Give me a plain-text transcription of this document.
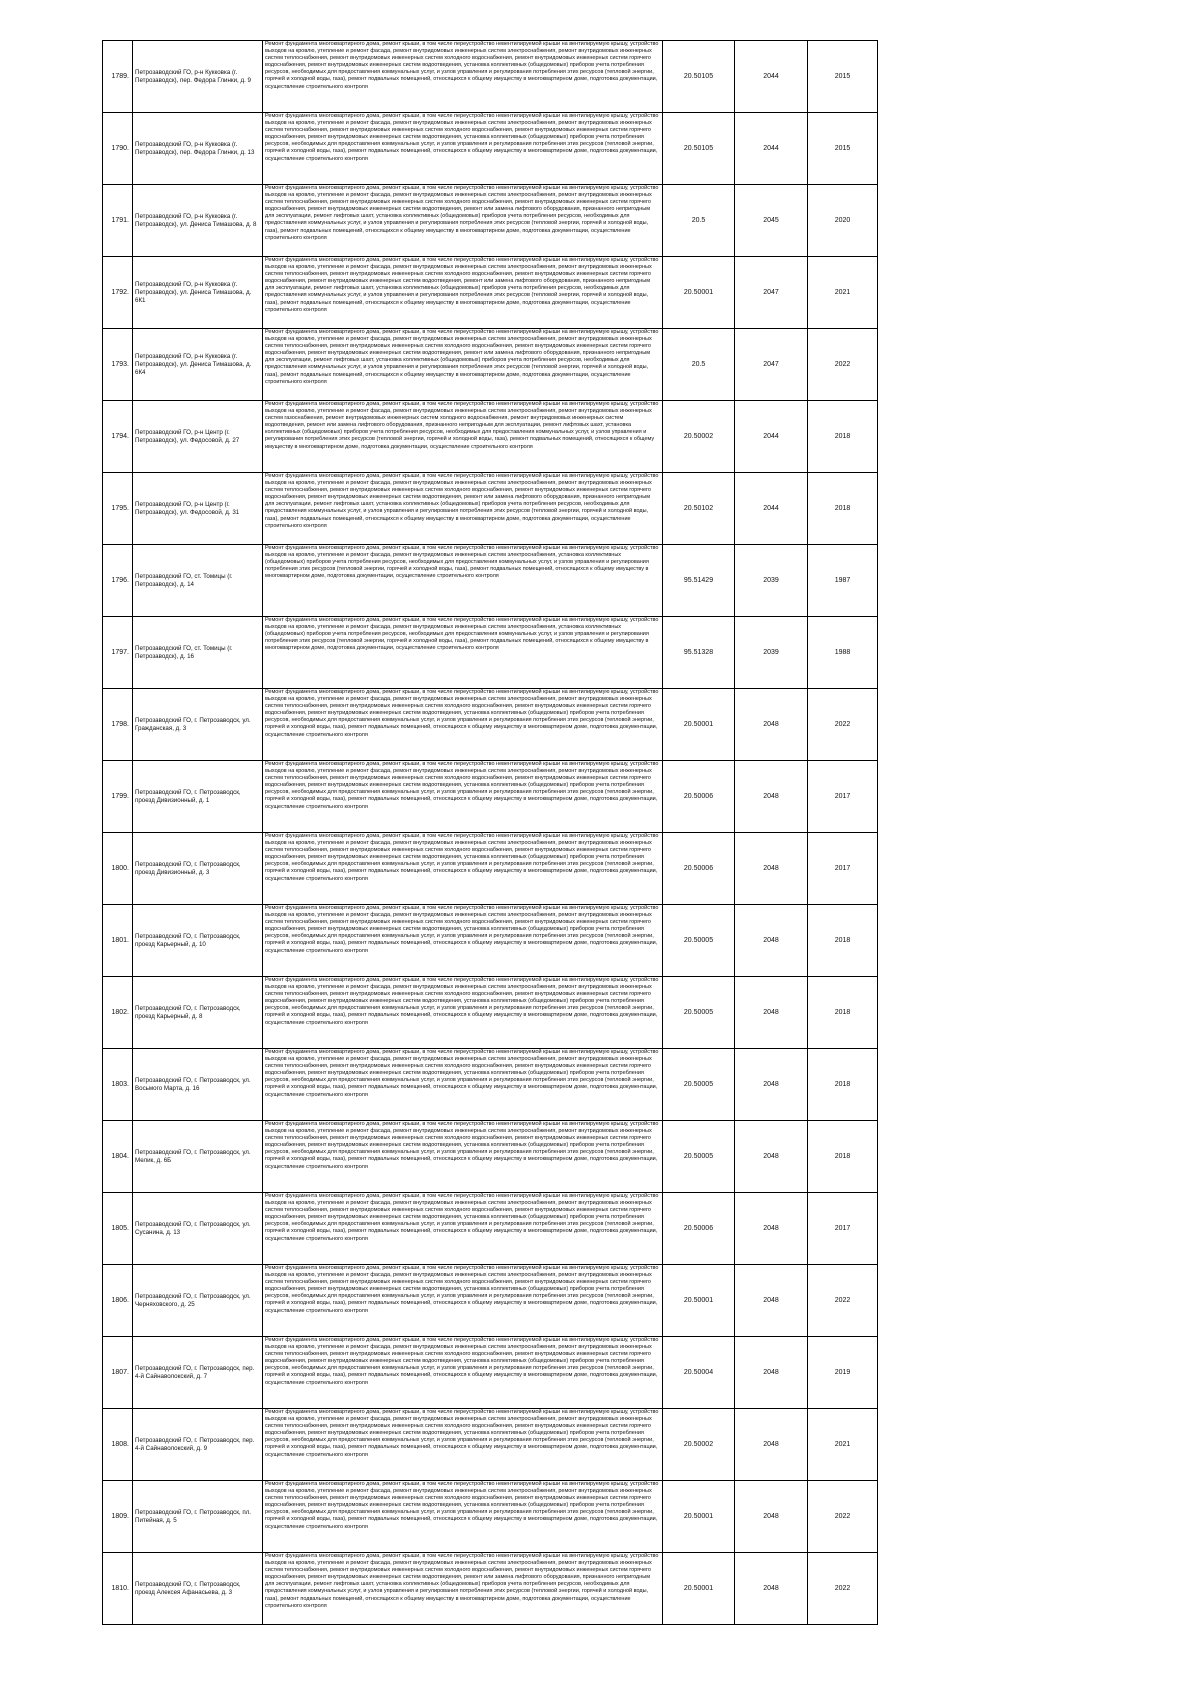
1789.	Петрозаводский ГО, р-н Кукковка (г. Петрозаводск), пер. Федора Глинки, д. 9	Ремонт фундамента многоквартирного дома, ремонт крыши, в том числе переустройство невентилируемой крыши на вентилируемую крышу, устройство выходов на кровлю, утепление и ремонт фасада, ремонт внутридомовых инженерных систем электроснабжения, ремонт внутридомовых инженерных систем теплоснабжения, ремонт внутридомовых инженерных систем холодного водоснабжения, ремонт внутридомовых инженерных систем горячего водоснабжения, ремонт внутридомовых инженерных систем водоотведения, установка коллективных (общедомовых) приборов учета потребления ресурсов, необходимых для предоставления коммунальных услуг, и узлов управления и регулирования потребления этих ресурсов (тепловой энергии, горячей и холодной воды, газа), ремонт подвальных помещений, относящихся к общему имуществу в многоквартирном доме, подготовка документации, осуществление строительного контроля	20.50105	2044	2015
1790.	Петрозаводский ГО, р-н Кукковка (г. Петрозаводск), пер. Федора Глинки, д. 13	Ремонт фундамента многоквартирного дома, ремонт крыши, в том числе переустройство невентилируемой крыши на вентилируемую крышу, устройство выходов на кровлю, утепление и ремонт фасада, ремонт внутридомовых инженерных систем электроснабжения, ремонт внутридомовых инженерных систем теплоснабжения, ремонт внутридомовых инженерных систем холодного водоснабжения, ремонт внутридомовых инженерных систем горячего водоснабжения, ремонт внутридомовых инженерных систем водоотведения, установка коллективных (общедомовых) приборов учета потребления ресурсов, необходимых для предоставления коммунальных услуг, и узлов управления и регулирования потребления этих ресурсов (тепловой энергии, горячей и холодной воды, газа), ремонт подвальных помещений, относящихся к общему имуществу в многоквартирном доме, подготовка документации, осуществление строительного контроля	20.50105	2044	2015
1791.	Петрозаводский ГО, р-н Кукковка (г. Петрозаводск), ул. Дениса Тимашова, д. 8	Ремонт фундамента многоквартирного дома, ремонт крыши, в том числе переустройство невентилируемой крыши на вентилируемую крышу, устройство выходов на кровлю, утепление и ремонт фасада, ремонт внутридомовых инженерных систем электроснабжения, ремонт внутридомовых инженерных систем теплоснабжения, ремонт внутридомовых инженерных систем холодного водоснабжения, ремонт внутридомовых инженерных систем горячего водоснабжения, ремонт внутридомовых инженерных систем водоотведения, ремонт или замена лифтового оборудования, признанного непригодным для эксплуатации, ремонт лифтовых шахт, установка коллективных (общедомовых) приборов учета потребления ресурсов, необходимых для предоставления коммунальных услуг, и узлов управления и регулирования потребления этих ресурсов (тепловой энергии, горячей и холодной воды, газа), ремонт подвальных помещений, относящихся к общему имуществу в многоквартирном доме, подготовка документации, осуществление строительного контроля	20.5	2045	2020
1792.	Петрозаводский ГО, р-н Кукковка (г. Петрозаводск), ул. Дениса Тимашова, д. 6К1	Ремонт фундамента многоквартирного дома, ремонт крыши, в том числе переустройство невентилируемой крыши на вентилируемую крышу, устройство выходов на кровлю, утепление и ремонт фасада, ремонт внутридомовых инженерных систем электроснабжения, ремонт внутридомовых инженерных систем теплоснабжения, ремонт внутридомовых инженерных систем холодного водоснабжения, ремонт внутридомовых инженерных систем горячего водоснабжения, ремонт внутридомовых инженерных систем водоотведения, ремонт или замена лифтового оборудования, признанного непригодным для эксплуатации, ремонт лифтовых шахт, установка коллективных (общедомовых) приборов учета потребления ресурсов, необходимых для предоставления коммунальных услуг, и узлов управления и регулирования потребления этих ресурсов (тепловой энергии, горячей и холодной воды, газа), ремонт подвальных помещений, относящихся к общему имуществу в многоквартирном доме, подготовка документации, осуществление строительного контроля	20.50001	2047	2021
1793.	Петрозаводский ГО, р-н Кукковка (г. Петрозаводск), ул. Дениса Тимашова, д. 6К4	Ремонт фундамента многоквартирного дома, ремонт крыши, в том числе переустройство невентилируемой крыши на вентилируемую крышу, устройство выходов на кровлю, утепление и ремонт фасада, ремонт внутридомовых инженерных систем электроснабжения, ремонт внутридомовых инженерных систем теплоснабжения, ремонт внутридомовых инженерных систем холодного водоснабжения, ремонт внутридомовых инженерных систем горячего водоснабжения, ремонт внутридомовых инженерных систем водоотведения, ремонт или замена лифтового оборудования, признанного непригодным для эксплуатации, ремонт лифтовых шахт, установка коллективных (общедомовых) приборов учета потребления ресурсов, необходимых для предоставления коммунальных услуг, и узлов управления и регулирования потребления этих ресурсов (тепловой энергии, горячей и холодной воды, газа), ремонт подвальных помещений, относящихся к общему имуществу в многоквартирном доме, подготовка документации, осуществление строительного контроля	20.5	2047	2022
1794.	Петрозаводский ГО, р-н Центр (г. Петрозаводск), ул. Федосовой, д. 27	Ремонт фундамента многоквартирного дома, ремонт крыши, в том числе переустройство невентилируемой крыши на вентилируемую крышу, устройство выходов на кровлю, утепление и ремонт фасада, ремонт внутридомовых инженерных систем электроснабжения, ремонт внутридомовых инженерных систем газоснабжения, ремонт внутридомовых инженерных систем холодного водоснабжения, ремонт внутридомовых инженерных систем водоотведения, ремонт или замена лифтового оборудования, признанного непригодным для эксплуатации, ремонт лифтовых шахт, установка коллективных (общедомовых) приборов учета потребления ресурсов, необходимых для предоставления коммунальных услуг, и узлов управления и регулирования потребления этих ресурсов (тепловой энергии, горячей и холодной воды, газа), ремонт подвальных помещений, относящихся к общему имуществу в многоквартирном доме, подготовка документации, осуществление строительного контроля	20.50002	2044	2018
1795.	Петрозаводский ГО, р-н Центр (г. Петрозаводск), ул. Федосовой, д. 31	Ремонт фундамента многоквартирного дома, ремонт крыши, в том числе переустройство невентилируемой крыши на вентилируемую крышу, устройство выходов на кровлю, утепление и ремонт фасада, ремонт внутридомовых инженерных систем электроснабжения, ремонт внутридомовых инженерных систем теплоснабжения, ремонт внутридомовых инженерных систем холодного водоснабжения, ремонт внутридомовых инженерных систем горячего водоснабжения, ремонт внутридомовых инженерных систем водоотведения, ремонт или замена лифтового оборудования, признанного непригодным для эксплуатации, ремонт лифтовых шахт, установка коллективных (общедомовых) приборов учета потребления ресурсов, необходимых для предоставления коммунальных услуг, и узлов управления и регулирования потребления этих ресурсов (тепловой энергии, горячей и холодной воды, газа), ремонт подвальных помещений, относящихся к общему имуществу в многоквартирном доме, подготовка документации, осуществление строительного контроля	20.50102	2044	2018
1796.	Петрозаводский ГО, ст. Томицы (г. Петрозаводск), д. 14	Ремонт фундамента многоквартирного дома, ремонт крыши, в том числе переустройство невентилируемой крыши на вентилируемую крышу, устройство выходов на кровлю, утепление и ремонт фасада, ремонт внутридомовых инженерных систем электроснабжения, установка коллективных (общедомовых) приборов учета потребления ресурсов, необходимых для предоставления коммунальных услуг, и узлов управления и регулирования потребления этих ресурсов (тепловой энергии, горячей и холодной воды, газа), ремонт подвальных помещений, относящихся к общему имуществу в многоквартирном доме, подготовка документации, осуществление строительного контроля	95.51429	2039	1987
1797.	Петрозаводский ГО, ст. Томицы (г. Петрозаводск), д. 16	Ремонт фундамента многоквартирного дома, ремонт крыши, в том числе переустройство невентилируемой крыши на вентилируемую крышу, устройство выходов на кровлю, утепление и ремонт фасада, ремонт внутридомовых инженерных систем электроснабжения, установка коллективных (общедомовых) приборов учета потребления ресурсов, необходимых для предоставления коммунальных услуг, и узлов управления и регулирования потребления этих ресурсов (тепловой энергии, горячей и холодной воды, газа), ремонт подвальных помещений, относящихся к общему имуществу в многоквартирном доме, подготовка документации, осуществление строительного контроля	95.51328	2039	1988
1798.	Петрозаводский ГО, г. Петрозаводск, ул. Гражданская, д. 3	Ремонт фундамента многоквартирного дома, ремонт крыши, в том числе переустройство невентилируемой крыши на вентилируемую крышу, устройство выходов на кровлю, утепление и ремонт фасада, ремонт внутридомовых инженерных систем электроснабжения, ремонт внутридомовых инженерных систем теплоснабжения, ремонт внутридомовых инженерных систем холодного водоснабжения, ремонт внутридомовых инженерных систем горячего водоснабжения, ремонт внутридомовых инженерных систем водоотведения, установка коллективных (общедомовых) приборов учета потребления ресурсов, необходимых для предоставления коммунальных услуг, и узлов управления и регулирования потребления этих ресурсов (тепловой энергии, горячей и холодной воды, газа), ремонт подвальных помещений, относящихся к общему имуществу в многоквартирном доме, подготовка документации, осуществление строительного контроля	20.50001	2048	2022
1799.	Петрозаводский ГО, г. Петрозаводск, проезд Дивизионный, д. 1	Ремонт фундамента многоквартирного дома, ремонт крыши, в том числе переустройство невентилируемой крыши на вентилируемую крышу, устройство выходов на кровлю, утепление и ремонт фасада, ремонт внутридомовых инженерных систем электроснабжения, ремонт внутридомовых инженерных систем теплоснабжения, ремонт внутридомовых инженерных систем холодного водоснабжения, ремонт внутридомовых инженерных систем горячего водоснабжения, ремонт внутридомовых инженерных систем водоотведения, установка коллективных (общедомовых) приборов учета потребления ресурсов, необходимых для предоставления коммунальных услуг, и узлов управления и регулирования потребления этих ресурсов (тепловой энергии, горячей и холодной воды, газа), ремонт подвальных помещений, относящихся к общему имуществу в многоквартирном доме, подготовка документации, осуществление строительного контроля	20.50006	2048	2017
1800.	Петрозаводский ГО, г. Петрозаводск, проезд Дивизионный, д. 3	Ремонт фундамента многоквартирного дома, ремонт крыши, в том числе переустройство невентилируемой крыши на вентилируемую крышу, устройство выходов на кровлю, утепление и ремонт фасада, ремонт внутридомовых инженерных систем электроснабжения, ремонт внутридомовых инженерных систем теплоснабжения, ремонт внутридомовых инженерных систем холодного водоснабжения, ремонт внутридомовых инженерных систем горячего водоснабжения, ремонт внутридомовых инженерных систем водоотведения, установка коллективных (общедомовых) приборов учета потребления ресурсов, необходимых для предоставления коммунальных услуг, и узлов управления и регулирования потребления этих ресурсов (тепловой энергии, горячей и холодной воды, газа), ремонт подвальных помещений, относящихся к общему имуществу в многоквартирном доме, подготовка документации, осуществление строительного контроля	20.50006	2048	2017
1801.	Петрозаводский ГО, г. Петрозаводск, проезд Карьерный, д. 10	Ремонт фундамента многоквартирного дома, ремонт крыши, в том числе переустройство невентилируемой крыши на вентилируемую крышу, устройство выходов на кровлю, утепление и ремонт фасада, ремонт внутридомовых инженерных систем электроснабжения, ремонт внутридомовых инженерных систем теплоснабжения, ремонт внутридомовых инженерных систем холодного водоснабжения, ремонт внутридомовых инженерных систем горячего водоснабжения, ремонт внутридомовых инженерных систем водоотведения, установка коллективных (общедомовых) приборов учета потребления ресурсов, необходимых для предоставления коммунальных услуг, и узлов управления и регулирования потребления этих ресурсов (тепловой энергии, горячей и холодной воды, газа), ремонт подвальных помещений, относящихся к общему имуществу в многоквартирном доме, подготовка документации, осуществление строительного контроля	20.50005	2048	2018
1802.	Петрозаводский ГО, г. Петрозаводск, проезд Карьерный, д. 8	Ремонт фундамента многоквартирного дома, ремонт крыши, в том числе переустройство невентилируемой крыши на вентилируемую крышу, устройство выходов на кровлю, утепление и ремонт фасада, ремонт внутридомовых инженерных систем электроснабжения, ремонт внутридомовых инженерных систем теплоснабжения, ремонт внутридомовых инженерных систем холодного водоснабжения, ремонт внутридомовых инженерных систем горячего водоснабжения, ремонт внутридомовых инженерных систем водоотведения, установка коллективных (общедомовых) приборов учета потребления ресурсов, необходимых для предоставления коммунальных услуг, и узлов управления и регулирования потребления этих ресурсов (тепловой энергии, горячей и холодной воды, газа), ремонт подвальных помещений, относящихся к общему имуществу в многоквартирном доме, подготовка документации, осуществление строительного контроля	20.50005	2048	2018
1803.	Петрозаводский ГО, г. Петрозаводск, ул. Восьмого Марта, д. 16	Ремонт фундамента многоквартирного дома, ремонт крыши, в том числе переустройство невентилируемой крыши на вентилируемую крышу, устройство выходов на кровлю, утепление и ремонт фасада, ремонт внутридомовых инженерных систем электроснабжения, ремонт внутридомовых инженерных систем теплоснабжения, ремонт внутридомовых инженерных систем холодного водоснабжения, ремонт внутридомовых инженерных систем горячего водоснабжения, ремонт внутридомовых инженерных систем водоотведения, установка коллективных (общедомовых) приборов учета потребления ресурсов, необходимых для предоставления коммунальных услуг, и узлов управления и регулирования потребления этих ресурсов (тепловой энергии, горячей и холодной воды, газа), ремонт подвальных помещений, относящихся к общему имуществу в многоквартирном доме, подготовка документации, осуществление строительного контроля	20.50005	2048	2018
1804.	Петрозаводский ГО, г. Петрозаводск, ул. Мелик, д. 6Б	Ремонт фундамента многоквартирного дома, ремонт крыши, в том числе переустройство невентилируемой крыши на вентилируемую крышу, устройство выходов на кровлю, утепление и ремонт фасада, ремонт внутридомовых инженерных систем электроснабжения, ремонт внутридомовых инженерных систем теплоснабжения, ремонт внутридомовых инженерных систем холодного водоснабжения, ремонт внутридомовых инженерных систем горячего водоснабжения, ремонт внутридомовых инженерных систем водоотведения, установка коллективных (общедомовых) приборов учета потребления ресурсов, необходимых для предоставления коммунальных услуг, и узлов управления и регулирования потребления этих ресурсов (тепловой энергии, горячей и холодной воды, газа), ремонт подвальных помещений, относящихся к общему имуществу в многоквартирном доме, подготовка документации, осуществление строительного контроля	20.50005	2048	2018
1805.	Петрозаводский ГО, г. Петрозаводск, ул. Сусанина, д. 13	Ремонт фундамента многоквартирного дома, ремонт крыши, в том числе переустройство невентилируемой крыши на вентилируемую крышу, устройство выходов на кровлю, утепление и ремонт фасада, ремонт внутридомовых инженерных систем электроснабжения, ремонт внутридомовых инженерных систем теплоснабжения, ремонт внутридомовых инженерных систем холодного водоснабжения, ремонт внутридомовых инженерных систем горячего водоснабжения, ремонт внутридомовых инженерных систем водоотведения, установка коллективных (общедомовых) приборов учета потребления ресурсов, необходимых для предоставления коммунальных услуг, и узлов управления и регулирования потребления этих ресурсов (тепловой энергии, горячей и холодной воды, газа), ремонт подвальных помещений, относящихся к общему имуществу в многоквартирном доме, подготовка документации, осуществление строительного контроля	20.50006	2048	2017
1806.	Петрозаводский ГО, г. Петрозаводск, ул. Черняховского, д. 25	Ремонт фундамента многоквартирного дома, ремонт крыши, в том числе переустройство невентилируемой крыши на вентилируемую крышу, устройство выходов на кровлю, утепление и ремонт фасада, ремонт внутридомовых инженерных систем электроснабжения, ремонт внутридомовых инженерных систем теплоснабжения, ремонт внутридомовых инженерных систем холодного водоснабжения, ремонт внутридомовых инженерных систем горячего водоснабжения, ремонт внутридомовых инженерных систем водоотведения, установка коллективных (общедомовых) приборов учета потребления ресурсов, необходимых для предоставления коммунальных услуг, и узлов управления и регулирования потребления этих ресурсов (тепловой энергии, горячей и холодной воды, газа), ремонт подвальных помещений, относящихся к общему имуществу в многоквартирном доме, подготовка документации, осуществление строительного контроля	20.50001	2048	2022
1807.	Петрозаводский ГО, г. Петрозаводск, пер. 4-й Сайнаволокский, д. 7	Ремонт фундамента многоквартирного дома, ремонт крыши, в том числе переустройство невентилируемой крыши на вентилируемую крышу, устройство выходов на кровлю, утепление и ремонт фасада, ремонт внутридомовых инженерных систем электроснабжения, ремонт внутридомовых инженерных систем теплоснабжения, ремонт внутридомовых инженерных систем холодного водоснабжения, ремонт внутридомовых инженерных систем горячего водоснабжения, ремонт внутридомовых инженерных систем водоотведения, установка коллективных (общедомовых) приборов учета потребления ресурсов, необходимых для предоставления коммунальных услуг, и узлов управления и регулирования потребления этих ресурсов (тепловой энергии, горячей и холодной воды, газа), ремонт подвальных помещений, относящихся к общему имуществу в многоквартирном доме, подготовка документации, осуществление строительного контроля	20.50004	2048	2019
1808.	Петрозаводский ГО, г. Петрозаводск, пер. 4-й Сайнаволокский, д. 9	Ремонт фундамента многоквартирного дома, ремонт крыши, в том числе переустройство невентилируемой крыши на вентилируемую крышу, устройство выходов на кровлю, утепление и ремонт фасада, ремонт внутридомовых инженерных систем электроснабжения, ремонт внутридомовых инженерных систем теплоснабжения, ремонт внутридомовых инженерных систем холодного водоснабжения, ремонт внутридомовых инженерных систем горячего водоснабжения, ремонт внутридомовых инженерных систем водоотведения, установка коллективных (общедомовых) приборов учета потребления ресурсов, необходимых для предоставления коммунальных услуг, и узлов управления и регулирования потребления этих ресурсов (тепловой энергии, горячей и холодной воды, газа), ремонт подвальных помещений, относящихся к общему имуществу в многоквартирном доме, подготовка документации, осуществление строительного контроля	20.50002	2048	2021
1809.	Петрозаводский ГО, г. Петрозаводск, пл. Питейная, д. 5	Ремонт фундамента многоквартирного дома, ремонт крыши, в том числе переустройство невентилируемой крыши на вентилируемую крышу, устройство выходов на кровлю, утепление и ремонт фасада, ремонт внутридомовых инженерных систем электроснабжения, ремонт внутридомовых инженерных систем теплоснабжения, ремонт внутридомовых инженерных систем холодного водоснабжения, ремонт внутридомовых инженерных систем горячего водоснабжения, ремонт внутридомовых инженерных систем водоотведения, установка коллективных (общедомовых) приборов учета потребления ресурсов, необходимых для предоставления коммунальных услуг, и узлов управления и регулирования потребления этих ресурсов (тепловой энергии, горячей и холодной воды, газа), ремонт подвальных помещений, относящихся к общему имуществу в многоквартирном доме, подготовка документации, осуществление строительного контроля	20.50001	2048	2022
1810.	Петрозаводский ГО, г. Петрозаводск, проезд Алексея Афанасьева, д. 3	Ремонт фундамента многоквартирного дома, ремонт крыши, в том числе переустройство невентилируемой крыши на вентилируемую крышу, устройство выходов на кровлю, утепление и ремонт фасада, ремонт внутридомовых инженерных систем электроснабжения, ремонт внутридомовых инженерных систем теплоснабжения, ремонт внутридомовых инженерных систем холодного водоснабжения, ремонт внутридомовых инженерных систем горячего водоснабжения, ремонт внутридомовых инженерных систем водоотведения, ремонт или замена лифтового оборудования, признанного непригодным для эксплуатации, ремонт лифтовых шахт, установка коллективных (общедомовых) приборов учета потребления ресурсов, необходимых для предоставления коммунальных услуг, и узлов управления и регулирования потребления этих ресурсов (тепловой энергии, горячей и холодной воды, газа), ремонт подвальных помещений, относящихся к общему имуществу в многоквартирном доме, подготовка документации, осуществление строительного контроля	20.50001	2048	2022
